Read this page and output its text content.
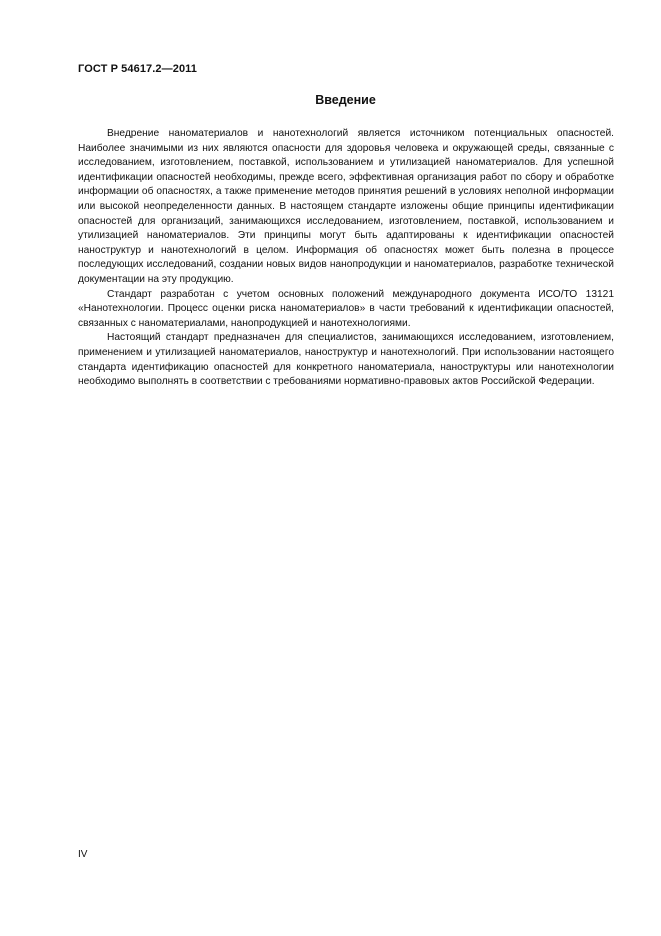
ГОСТ Р 54617.2—2011
Введение

Внедрение наноматериалов и нанотехнологий является источником потенциальных опасностей. Наиболее значимыми из них являются опасности для здоровья человека и окружающей среды, связанные с исследованием, изготовлением, поставкой, использованием и утилизацией наноматериалов. Для успешной идентификации опасностей необходимы, прежде всего, эффективная организация работ по сбору и обработке информации об опасностях, а также применение методов принятия решений в условиях неполной информации или высокой неопределенности данных. В настоящем стандарте изложены общие принципы идентификации опасностей для организаций, занимающихся исследованием, изготовлением, поставкой, использованием и утилизацией наноматериалов. Эти принципы могут быть адаптированы к идентификации опасностей наноструктур и нанотехнологий в целом. Информация об опасностях может быть полезна в процессе последующих исследований, создании новых видов нанопродукции и наноматериалов, разработке технической документации на эту продукцию.

Стандарт разработан с учетом основных положений международного документа ИСО/ТО 13121 «Нанотехнологии. Процесс оценки риска наноматериалов» в части требований к идентификации опасностей, связанных с наноматериалами, нанопродукцией и нанотехнологиями.

Настоящий стандарт предназначен для специалистов, занимающихся исследованием, изготовлением, применением и утилизацией наноматериалов, наноструктур и нанотехнологий. При использовании настоящего стандарта идентификацию опасностей для конкретного наноматериала, наноструктуры или нанотехнологии необходимо выполнять в соответствии с требованиями нормативно-правовых актов Российской Федерации.

IV
